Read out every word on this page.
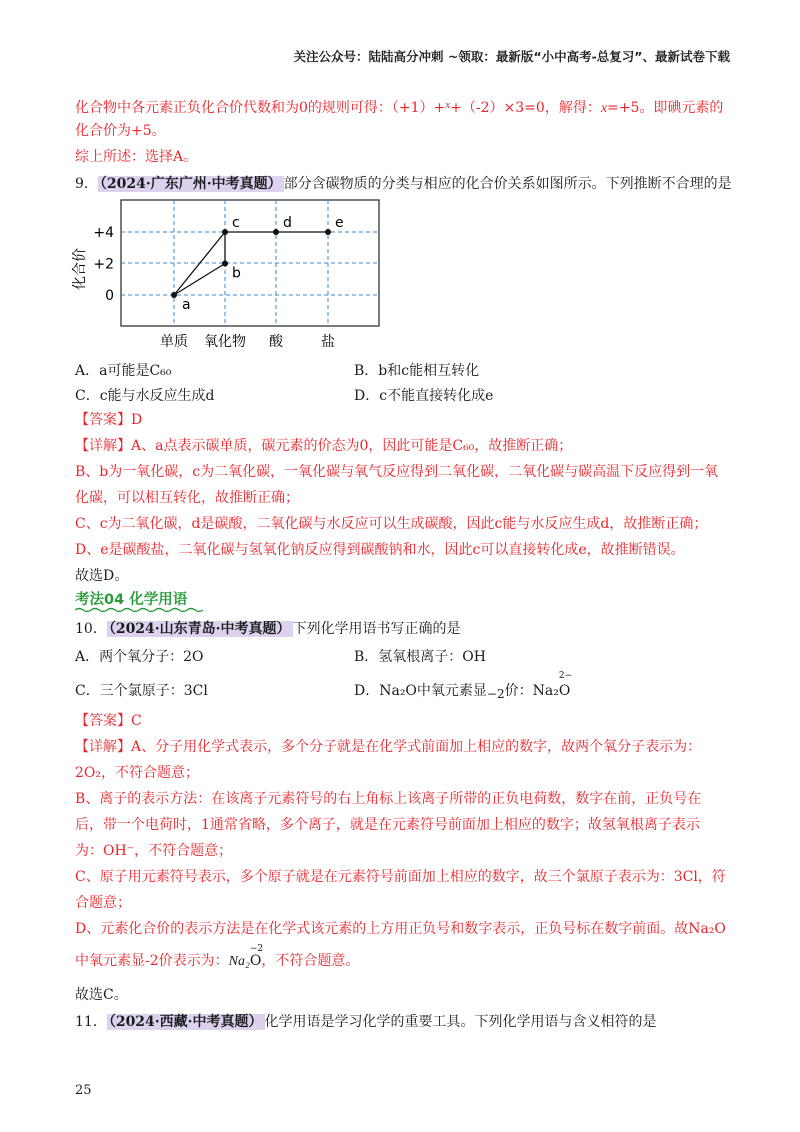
关注公众号：陆陆高分冲刺 ~领取：最新版“小中高考-总复习”、最新试卷下载
化合物中各元素正负化合价代数和为0的规则可得：（+1）+$^x$+（-2）×3=0，解得：x=+5。即碘元素的
化合价为+5。
综上所述：选择A。
9． （2024·广东广州·中考真题） 部分含碳物质的分类与相应的化合价关系如图所示。下列推断不合理的是
a
b
c	d	e
+4
+2
0
单质 氧化物 酸	盐
化合价
A．a可能是C₆₀	B．b和c能相互转化
C．c能与水反应生成d	D．c不能直接转化成e
【答案】D
【详解】A、a点表示碳单质，碳元素的价态为0，因此可能是C₆₀，故推断正确；
B、b为一氧化碳，c为二氧化碳，一氧化碳与氧气反应得到二氧化碳，二氧化碳与碳高温下反应得到一氧
化碳，可以相互转化，故推断正确；
C、c为二氧化碳，d是碳酸，二氧化碳与水反应可以生成碳酸，因此c能与水反应生成d，故推断正确；
D、e是碳酸盐，二氧化碳与氢氧化钠反应得到碳酸钠和水，因此c可以直接转化成e，故推断错误。
故选D。
考法04 化学用语
10． （2024·山东青岛·中考真题） 下列化学用语书写正确的是
A．两个氧分子：2O	B．氢氧根离子：OH
C．三个氯原子：3Cl	D．Na₂O中氧元素显−2价：Na₂
2−
O
【答案】C
【详解】A、分子用化学式表示，多个分子就是在化学式前面加上相应的数字，故两个氧分子表示为：
2O₂，不符合题意；
B、离子的表示方法：在该离子元素符号的右上角标上该离子所带的正负电荷数，数字在前，正负号在
后，带一个电荷时，1通常省略，多个离子，就是在元素符号前面加上相应的数字；故氢氧根离子表示
为：OH⁻，不符合题意；
C、原子用元素符号表示，多个原子就是在元素符号前面加上相应的数字，故三个氯原子表示为：3Cl，符
合题意；
D、元素化合价的表示方法是在化学式该元素的上方用正负号和数字表示，正负号标在数字前面。故Na₂O
中氧元素显-2价表示为：Na₂
−2
O，不符合题意。
故选C。
11． （2024·西藏·中考真题） 化学用语是学习化学的重要工具。下列化学用语与含义相符的是
25
